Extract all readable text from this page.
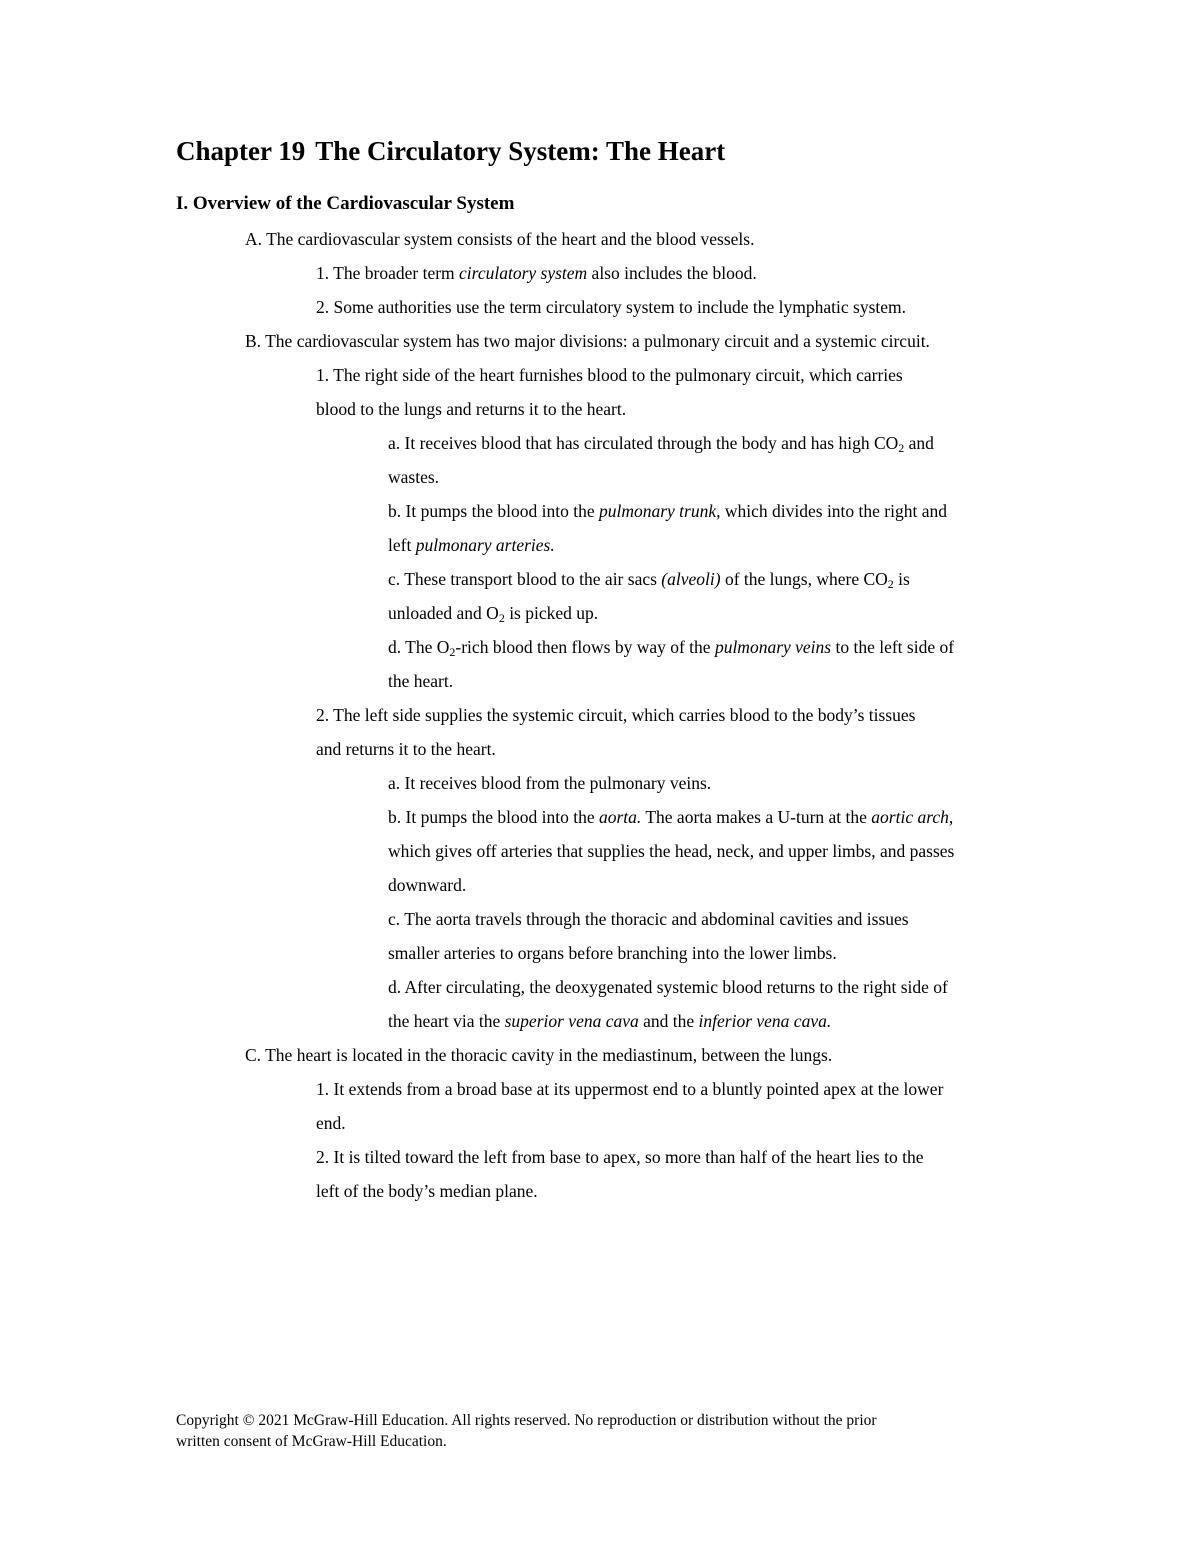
Chapter 19 The Circulatory System: The Heart
I. Overview of the Cardiovascular System
A. The cardiovascular system consists of the heart and the blood vessels.
1. The broader term circulatory system also includes the blood.
2. Some authorities use the term circulatory system to include the lymphatic system.
B. The cardiovascular system has two major divisions: a pulmonary circuit and a systemic circuit.
1. The right side of the heart furnishes blood to the pulmonary circuit, which carries
blood to the lungs and returns it to the heart.
a. It receives blood that has circulated through the body and has high $CO_2$ and
wastes.
b. It pumps the blood into the pulmonary trunk, which divides into the right and
left pulmonary arteries.
c. These transport blood to the air sacs (alveoli) of the lungs, where $CO_2$ is
unloaded and $O_2$ is picked up.
d. The $O_2$-rich blood then flows by way of the pulmonary veins to the left side of
the heart.
2. The left side supplies the systemic circuit, which carries blood to the body’s tissues
and returns it to the heart.
a. It receives blood from the pulmonary veins.
b. It pumps the blood into the aorta. The aorta makes a U-turn at the aortic arch,
which gives off arteries that supplies the head, neck, and upper limbs, and passes
downward.
c. The aorta travels through the thoracic and abdominal cavities and issues
smaller arteries to organs before branching into the lower limbs.
d. After circulating, the deoxygenated systemic blood returns to the right side of
the heart via the superior vena cava and the inferior vena cava.
C. The heart is located in the thoracic cavity in the mediastinum, between the lungs.
1. It extends from a broad base at its uppermost end to a bluntly pointed apex at the lower
end.
2. It is tilted toward the left from base to apex, so more than half of the heart lies to the
left of the body’s median plane.
Copyright © 2021 McGraw-Hill Education. All rights reserved. No reproduction or distribution without the prior
written consent of McGraw-Hill Education.
